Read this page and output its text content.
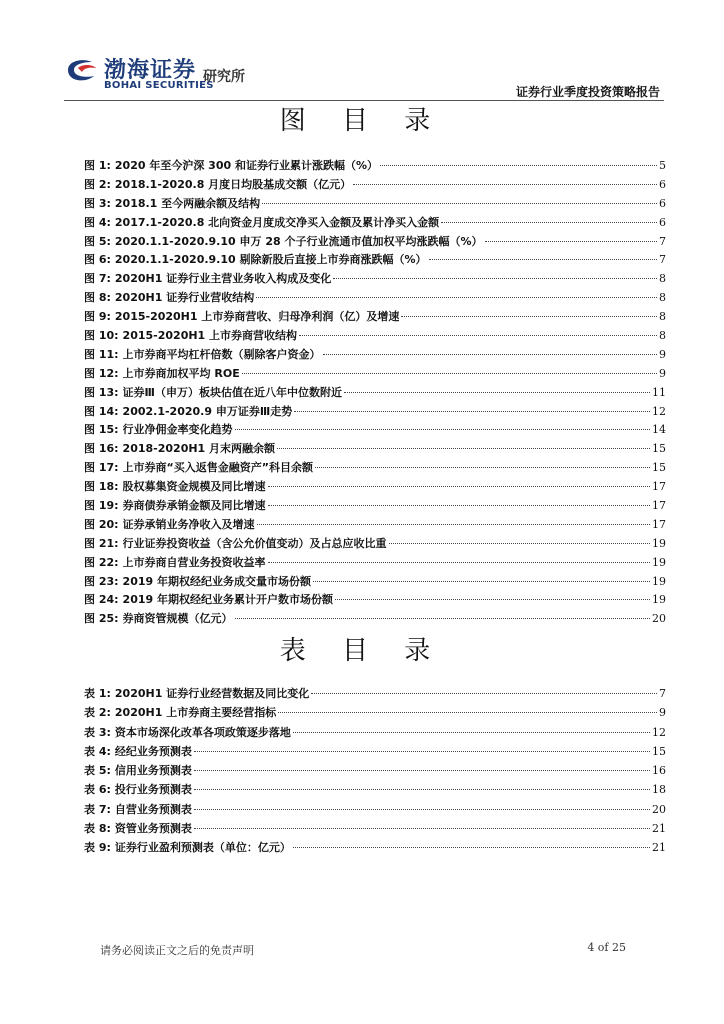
渤海证券
BOHAI SECURITIES
研究所
证券行业季度投资策略报告
图 目 录
图 1: 2020 年至今沪深 300 和证券行业累计涨跌幅（%）	5
图 2: 2018.1-2020.8 月度日均股基成交额（亿元）	6
图 3: 2018.1 至今两融余额及结构	6
图 4: 2017.1-2020.8 北向资金月度成交净买入金额及累计净买入金额	6
图 5: 2020.1.1-2020.9.10 申万 28 个子行业流通市值加权平均涨跌幅（%）	7
图 6: 2020.1.1-2020.9.10 剔除新股后直接上市券商涨跌幅（%）	7
图 7: 2020H1 证券行业主营业务收入构成及变化	8
图 8: 2020H1 证券行业营收结构	8
图 9: 2015-2020H1 上市券商营收、归母净利润（亿）及增速	8
图 10: 2015-2020H1 上市券商营收结构	8
图 11: 上市券商平均杠杆倍数（剔除客户资金）	9
图 12: 上市券商加权平均 ROE	9
图 13: 证券Ⅲ（申万）板块估值在近八年中位数附近	11
图 14: 2002.1-2020.9 申万证券Ⅲ走势	12
图 15: 行业净佣金率变化趋势	14
图 16: 2018-2020H1 月末两融余额	15
图 17: 上市券商“买入返售金融资产”科目余额	15
图 18: 股权募集资金规模及同比增速	17
图 19: 券商债券承销金额及同比增速	17
图 20: 证券承销业务净收入及增速	17
图 21: 行业证券投资收益（含公允价值变动）及占总应收比重	19
图 22: 上市券商自营业务投资收益率	19
图 23: 2019 年期权经纪业务成交量市场份额	19
图 24: 2019 年期权经纪业务累计开户数市场份额	19
图 25: 券商资管规模（亿元）	20
表 目 录
表 1: 2020H1 证券行业经营数据及同比变化	7
表 2: 2020H1 上市券商主要经营指标	9
表 3: 资本市场深化改革各项政策逐步落地	12
表 4: 经纪业务预测表	15
表 5: 信用业务预测表	16
表 6: 投行业务预测表	18
表 7: 自营业务预测表	20
表 8: 资管业务预测表	21
表 9: 证券行业盈利预测表（单位：亿元）	21
请务必阅读正文之后的免责声明	4 of 25
